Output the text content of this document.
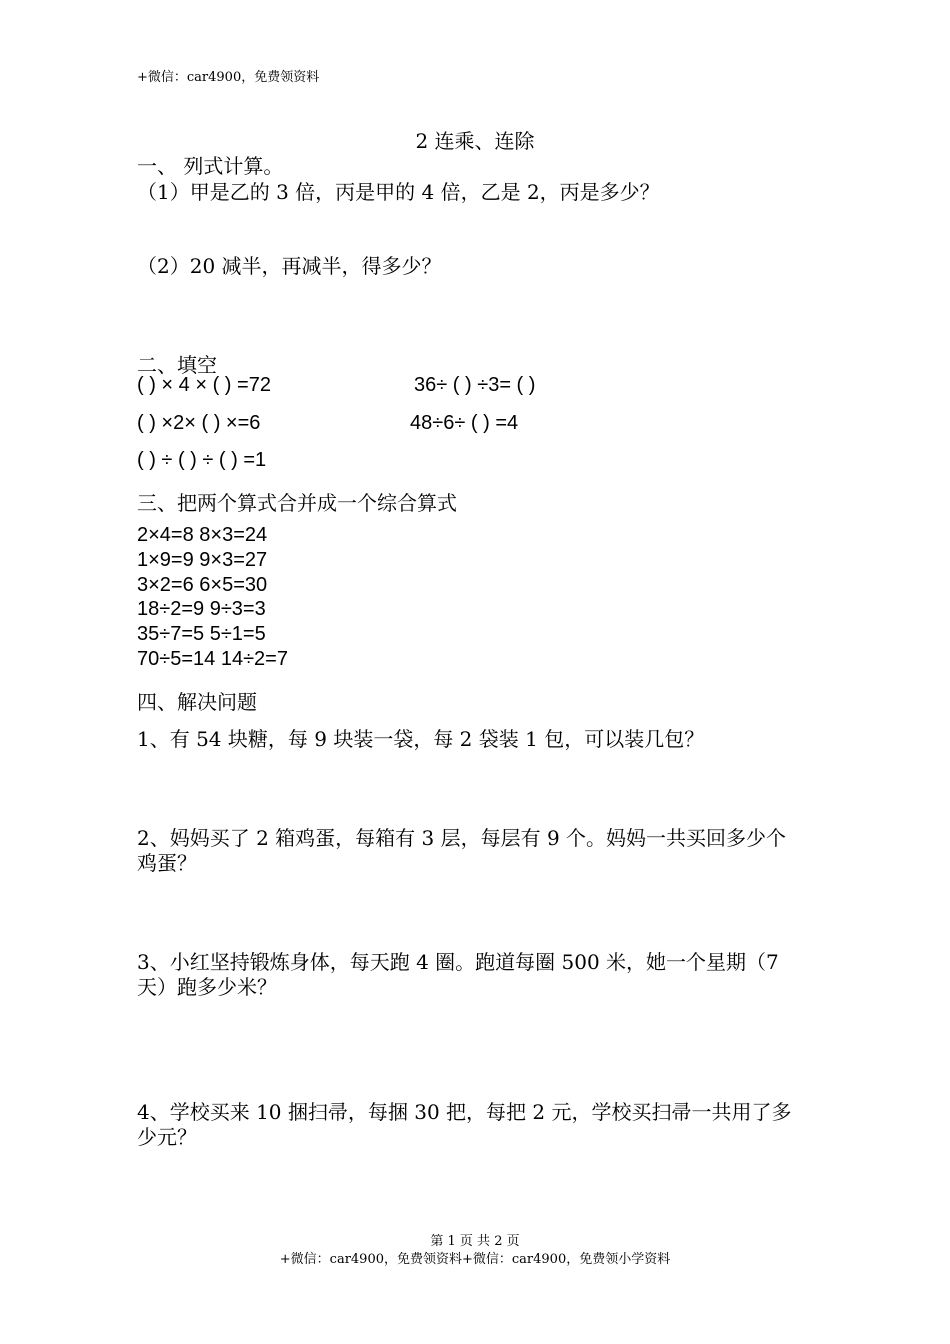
+微信：car4900，免费领资料
2 连乘、连除
一、 列式计算。
（1）甲是乙的 3 倍，丙是甲的 4 倍，乙是 2，丙是多少？
（2）20 减半，再减半，得多少？
二、填空
( ) × 4 × ( ) =72	36÷ ( ) ÷3= ( )
( ) ×2× ( ) ×=6	48÷6÷ ( ) =4
( ) ÷ ( ) ÷ ( ) =1
三、把两个算式合并成一个综合算式
2×4=8 8×3=24
1×9=9 9×3=27
3×2=6 6×5=30
18÷2=9 9÷3=3
35÷7=5 5÷1=5
70÷5=14 14÷2=7
四、解决问题
1、有 54 块糖，每 9 块装一袋，每 2 袋装 1 包，可以装几包？
2、妈妈买了 2 箱鸡蛋，每箱有 3 层，每层有 9 个。妈妈一共买回多少个
鸡蛋？
3、小红坚持锻炼身体，每天跑 4 圈。跑道每圈 500 米，她一个星期（7
天）跑多少米？
4、学校买来 10 捆扫帚，每捆 30 把，每把 2 元，学校买扫帚一共用了多
少元？
第 1 页 共 2 页
+微信：car4900，免费领资料+微信：car4900，免费领小学资料
